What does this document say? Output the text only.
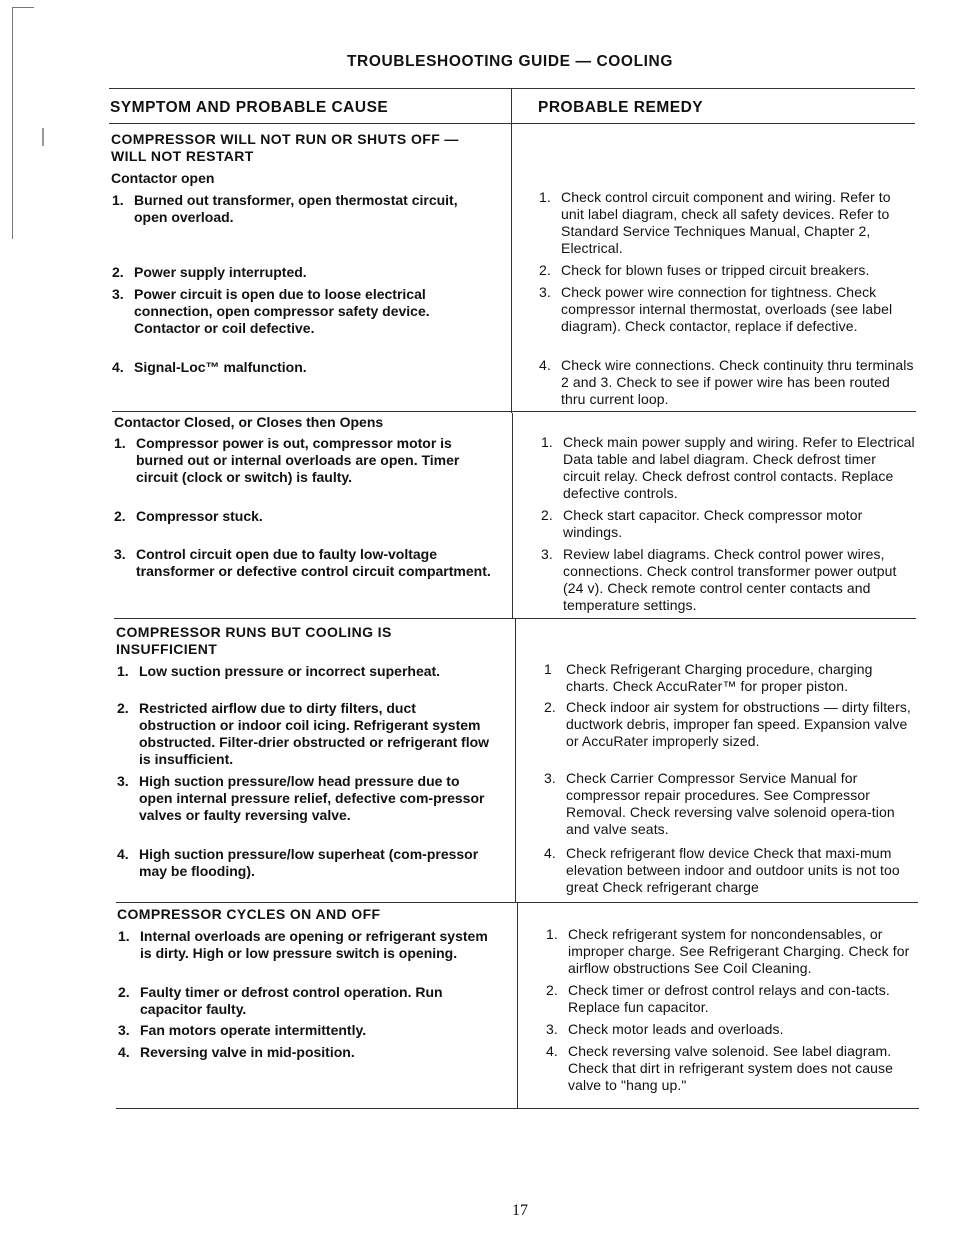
TROUBLESHOOTING GUIDE — COOLING
SYMPTOM AND PROBABLE CAUSE	PROBABLE REMEDY
COMPRESSOR WILL NOT RUN OR SHUTS OFF — WILL NOT RESTART
Contactor open
1. Burned out transformer, open thermostat circuit, open overload.
2. Power supply interrupted.
3. Power circuit is open due to loose electrical connection, open compressor safety device. Contactor or coil defective.
4. Signal-Loc™ malfunction.
1. Check control circuit component and wiring. Refer to unit label diagram, check all safety devices. Refer to Standard Service Techniques Manual, Chapter 2, Electrical.
2. Check for blown fuses or tripped circuit breakers.
3. Check power wire connection for tightness. Check compressor internal thermostat, overloads (see label diagram). Check contactor, replace if defective.
4. Check wire connections. Check continuity thru terminals 2 and 3. Check to see if power wire has been routed thru current loop.
Contactor Closed, or Closes then Opens
1. Compressor power is out, compressor motor is burned out or internal overloads are open. Timer circuit (clock or switch) is faulty.
2. Compressor stuck.
3. Control circuit open due to faulty low-voltage transformer or defective control circuit compartment.
1. Check main power supply and wiring. Refer to Electrical Data table and label diagram. Check defrost timer circuit relay. Check defrost control contacts. Replace defective controls.
2. Check start capacitor. Check compressor motor windings.
3. Review label diagrams. Check control power wires, connections. Check control transformer power output (24 v). Check remote control center contacts and temperature settings.
COMPRESSOR RUNS BUT COOLING IS INSUFFICIENT
1. Low suction pressure or incorrect superheat.
2. Restricted airflow due to dirty filters, duct obstruction or indoor coil icing. Refrigerant system obstructed. Filter-drier obstructed or refrigerant flow is insufficient.
3. High suction pressure/low head pressure due to open internal pressure relief, defective com-pressor valves or faulty reversing valve.
4. High suction pressure/low superheat (com-pressor may be flooding).
1	Check Refrigerant Charging procedure, charging charts. Check AccuRater™ for proper piston.
2. Check indoor air system for obstructions — dirty filters, ductwork debris, improper fan speed. Expansion valve or AccuRater improperly sized.
3. Check Carrier Compressor Service Manual for compressor repair procedures. See Compressor Removal. Check reversing valve solenoid opera-tion and valve seats.
4. Check refrigerant flow device Check that maxi-mum elevation between indoor and outdoor units is not too great Check refrigerant charge
COMPRESSOR CYCLES ON AND OFF
1. Internal overloads are opening or refrigerant system is dirty. High or low pressure switch is opening.
2. Faulty timer or defrost control operation. Run capacitor faulty.
3. Fan motors operate intermittently.
4. Reversing valve in mid-position.
1. Check refrigerant system for noncondensables, or improper charge. See Refrigerant Charging. Check for airflow obstructions See Coil Cleaning.
2. Check timer or defrost control relays and con-tacts. Replace fun capacitor.
3. Check motor leads and overloads.
4. Check reversing valve solenoid. See label diagram. Check that dirt in refrigerant system does not cause valve to "hang up."
17
